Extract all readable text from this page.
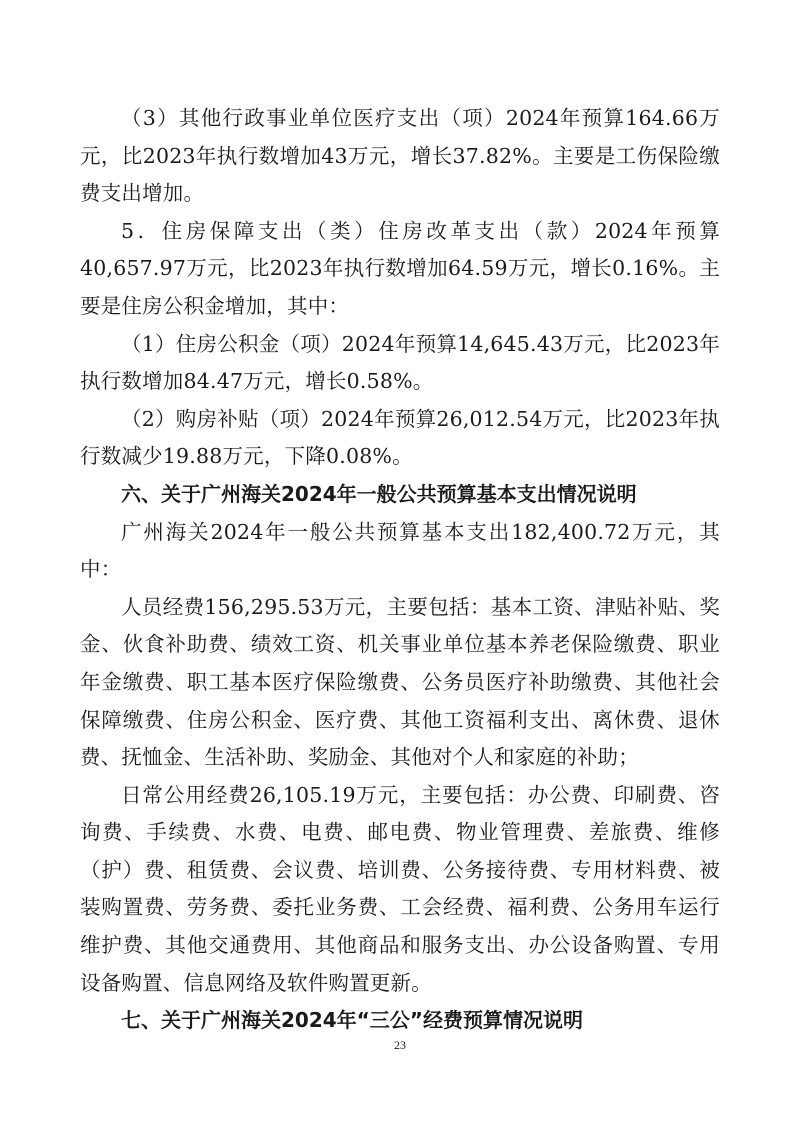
（3）其他行政事业单位医疗支出（项）2024年预算164.66万元，比2023年执行数增加43万元，增长37.82%。主要是工伤保险缴费支出增加。

5．住房保障支出（类）住房改革支出（款）2024年预算40,657.97万元，比2023年执行数增加64.59万元，增长0.16%。主要是住房公积金增加，其中：

（1）住房公积金（项）2024年预算14,645.43万元，比2023年执行数增加84.47万元，增长0.58%。

（2）购房补贴（项）2024年预算26,012.54万元，比2023年执行数减少19.88万元，下降0.08%。

六、关于广州海关2024年一般公共预算基本支出情况说明

广州海关2024年一般公共预算基本支出182,400.72万元，其中：

人员经费156,295.53万元，主要包括：基本工资、津贴补贴、奖金、伙食补助费、绩效工资、机关事业单位基本养老保险缴费、职业年金缴费、职工基本医疗保险缴费、公务员医疗补助缴费、其他社会保障缴费、住房公积金、医疗费、其他工资福利支出、离休费、退休费、抚恤金、生活补助、奖励金、其他对个人和家庭的补助；

日常公用经费26,105.19万元，主要包括：办公费、印刷费、咨询费、手续费、水费、电费、邮电费、物业管理费、差旅费、维修（护）费、租赁费、会议费、培训费、公务接待费、专用材料费、被装购置费、劳务费、委托业务费、工会经费、福利费、公务用车运行维护费、其他交通费用、其他商品和服务支出、办公设备购置、专用设备购置、信息网络及软件购置更新。

七、关于广州海关2024年“三公”经费预算情况说明

23
